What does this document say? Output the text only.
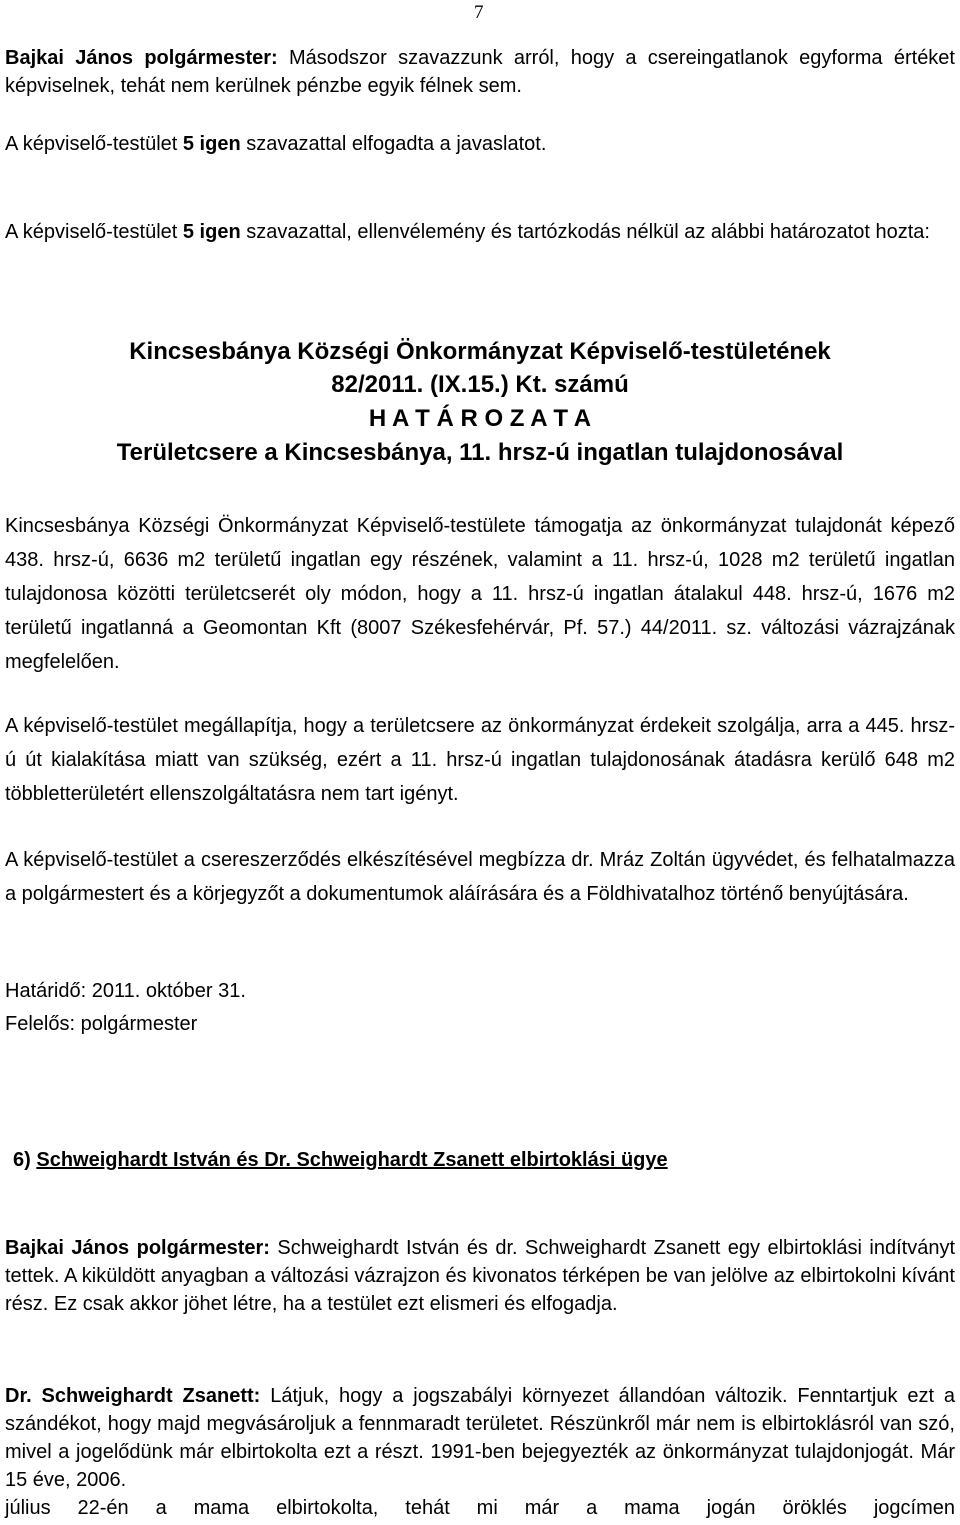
7

Bajkai János polgármester: Másodszor szavazzunk arról, hogy a csereingatlanok egyforma értéket képviselnek, tehát nem kerülnek pénzbe egyik félnek sem.

A képviselő-testület 5 igen szavazattal elfogadta a javaslatot.

A képviselő-testület 5 igen szavazattal, ellenvélemény és tartózkodás nélkül az alábbi határozatot hozta:

Kincsesbánya Községi Önkormányzat Képviselő-testületének
82/2011. (IX.15.) Kt. számú
H A T Á R O Z A T A
Területcsere a Kincsesbánya, 11. hrsz-ú ingatlan tulajdonosával

Kincsesbánya Községi Önkormányzat Képviselő-testülete támogatja az önkormányzat tulajdonát képező 438. hrsz-ú, 6636 m2 területű ingatlan egy részének, valamint a 11. hrsz-ú, 1028 m2 területű ingatlan tulajdonosa közötti területcserét oly módon, hogy a 11. hrsz-ú ingatlan átalakul 448. hrsz-ú, 1676 m2 területű ingatlanná a Geomontan Kft (8007 Székesfehérvár, Pf. 57.) 44/2011. sz. változási vázrajzának megfelelően.

A képviselő-testület megállapítja, hogy a területcsere az önkormányzat érdekeit szolgálja, arra a 445. hrsz-ú út kialakítása miatt van szükség, ezért a 11. hrsz-ú ingatlan tulajdonosának átadásra kerülő 648 m2 többletterületért ellenszolgáltatásra nem tart igényt.

A képviselő-testület a csereszerződés elkészítésével megbízza dr. Mráz Zoltán ügyvédet, és felhatalmazza a polgármestert és a körjegyzőt a dokumentumok aláírására és a Földhivatalhoz történő benyújtására.

Határidő: 2011. október 31.
Felelős: polgármester
6) Schweighardt István és Dr. Schweighardt Zsanett elbirtoklási ügye

Bajkai János polgármester: Schweighardt István és dr. Schweighardt Zsanett egy elbirtoklási indítványt tettek. A kiküldött anyagban a változási vázrajzon és kivonatos térképen be van jelölve az elbirtokolni kívánt rész. Ez csak akkor jöhet létre, ha a testület ezt elismeri és elfogadja.

Dr. Schweighardt Zsanett: Látjuk, hogy a jogszabályi környezet állandóan változik. Fenntartjuk ezt a szándékot, hogy majd megvásároljuk a fennmaradt területet. Részünkről már nem is elbirtoklásról van szó, mivel a jogelődünk már elbirtokolta ezt a részt. 1991-ben bejegyezték az önkormányzat tulajdonjogát. Már 15 éve, 2006.

július 22-én a mama elbirtokolta, tehát mi már a mama jogán öröklés jogcímen
